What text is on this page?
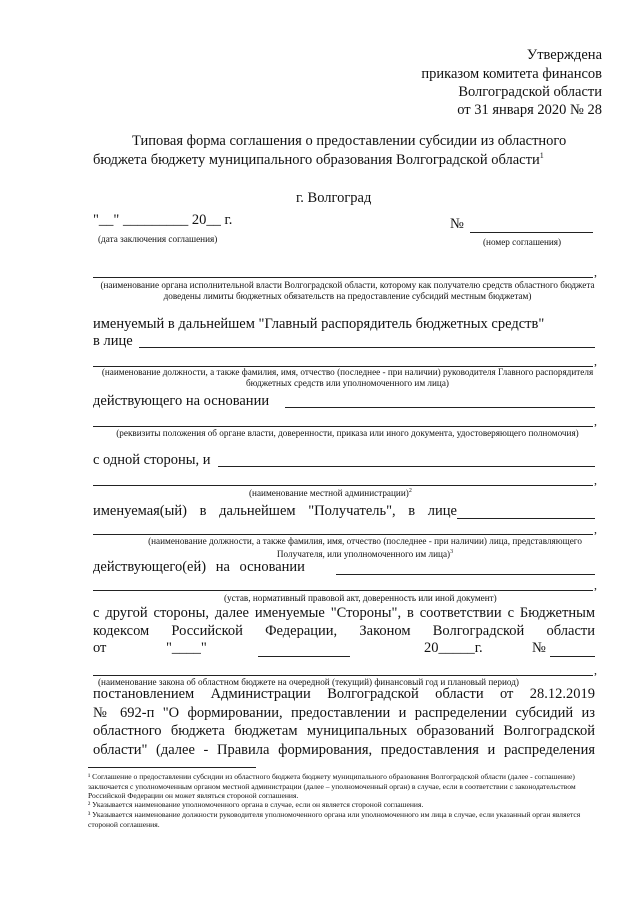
Утверждена
приказом комитета финансов
Волгоградской области
от 31 января 2020 № 28
Типовая форма соглашения о предоставлении субсидии из областного
бюджета бюджету муниципального образования Волгоградской области$^1$
г. Волгоград
"__" _________ 20__ г.
(дата заключения соглашения)
№
(номер соглашения)
,
(наименование органа исполнительной власти Волгоградской области, которому как получателю средств областного бюджета доведены лимиты бюджетных обязательств на предоставление субсидий местным бюджетам)
именуемый в дальнейшем "Главный распорядитель бюджетных средств"
в лице
,
(наименование должности, а также фамилия, имя, отчество (последнее - при наличии) руководителя Главного распорядителя бюджетных средств или уполномоченного им лица)
действующего на основании
,
(реквизиты положения об органе власти, доверенности, приказа или иного документа, удостоверяющего полномочия)
с одной стороны, и
,
(наименование местной администрации)$^2$
именуемая(ый) в дальнейшем "Получатель", в лице
,
(наименование должности, а также фамилия, имя, отчество (последнее - при наличии) лица, представляющего Получателя, или уполномоченного им лица)$^3$
действующего(ей) на основании
,
(устав, нормативный правовой акт, доверенность или иной документ)
с другой стороны, далее именуемые "Стороны", в соответствии с Бюджетным
кодексом Российской Федерации, Законом Волгоградской области
от	"____"	20_____г.	№
,
(наименование закона об областном бюджете на очередной (текущий) финансовый год и плановый период)
постановлением Администрации Волгоградской области от 28.12.2019
№ 692-п "О формировании, предоставлении и распределении субсидий из
областного бюджета бюджетам муниципальных образований Волгоградской
области" (далее - Правила формирования, предоставления и распределения
¹ Соглашение о предоставлении субсидии из областного бюджета бюджету муниципального образования Волгоградской области (далее - соглашение) заключается с уполномоченным органом местной администрации (далее – уполномоченный орган) в случае, если в соответствии с законодательством Российской Федерации он может являться стороной соглашения.
² Указывается наименование уполномоченного органа в случае, если он является стороной соглашения.
³ Указывается наименование должности руководителя уполномоченного органа или уполномоченного им лица в случае, если указанный орган является стороной соглашения.
